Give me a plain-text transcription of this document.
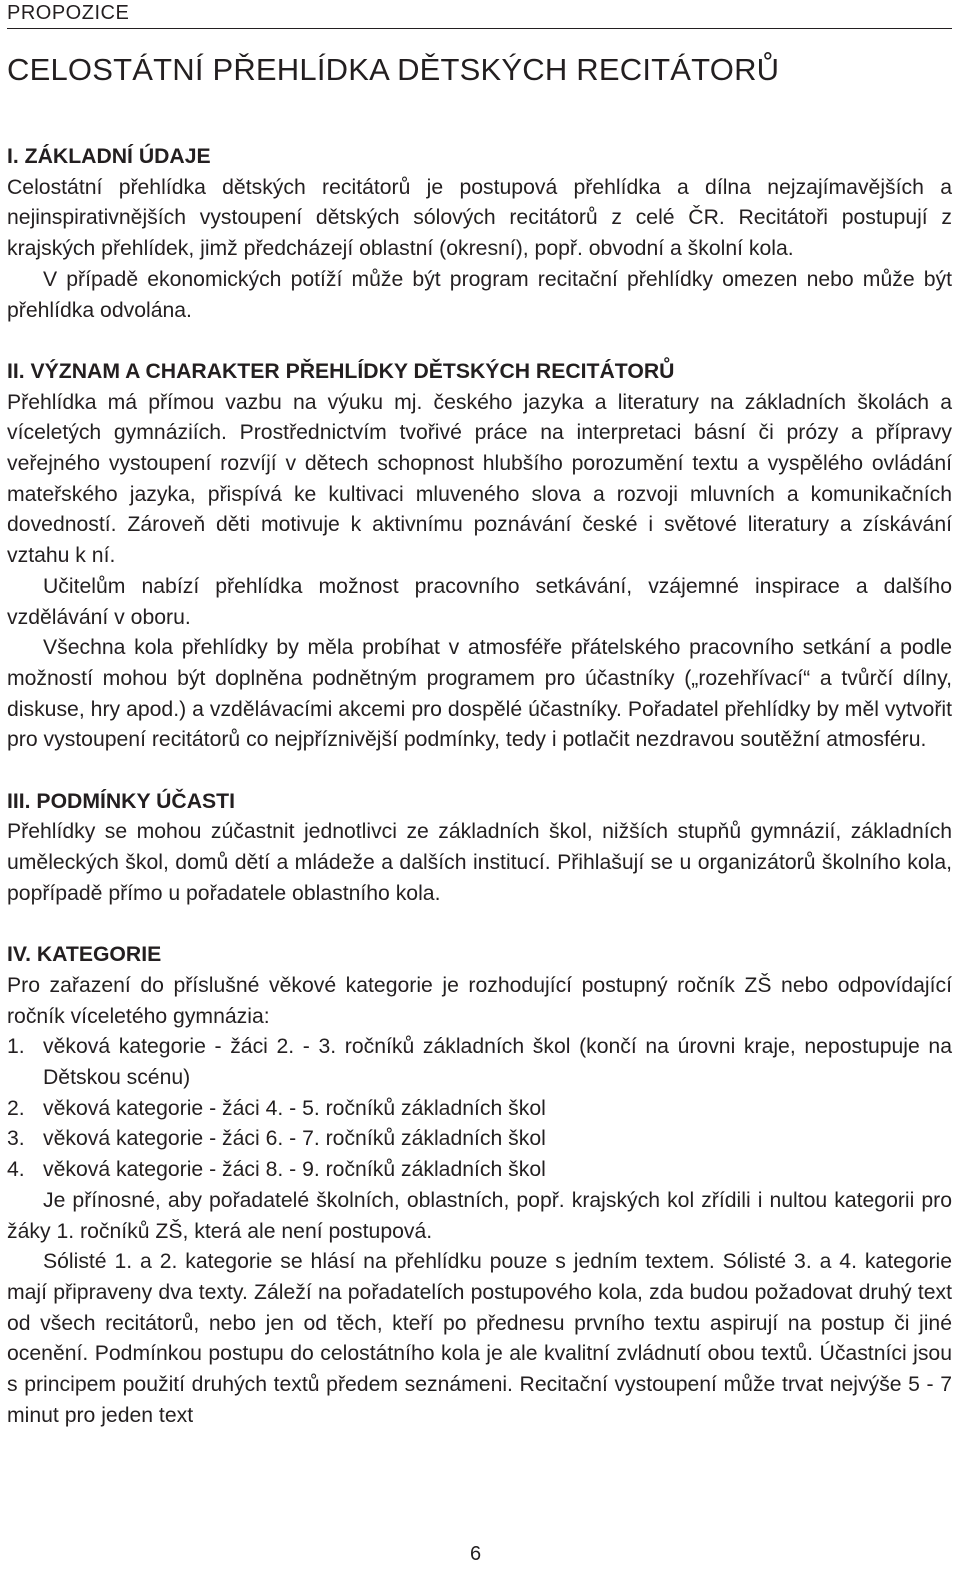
PROPOZICE
CELOSTÁTNÍ PŘEHLÍDKA DĚTSKÝCH RECITÁTORŮ
I. ZÁKLADNÍ ÚDAJE

Celostátní přehlídka dětských recitátorů je postupová přehlídka a dílna nejzajímavějších a nejinspirativnějších vystoupení dětských sólových recitátorů z celé ČR. Recitátoři postupují z krajských přehlídek, jimž předcházejí oblastní (okresní), popř. obvodní a školní kola.

V případě ekonomických potíží může být program recitační přehlídky omezen nebo může být přehlídka odvolána.

II. VÝZNAM A CHARAKTER PŘEHLÍDKY DĚTSKÝCH RECITÁTORŮ

Přehlídka má přímou vazbu na výuku mj. českého jazyka a literatury na základních školách a víceletých gymnáziích. Prostřednictvím tvořivé práce na interpretaci básní či prózy a přípravy veřejného vystoupení rozvíjí v dětech schopnost hlubšího porozumění textu a vyspělého ovládání mateřského jazyka, přispívá ke kultivaci mluveného slova a rozvoji mluvních a komunikačních dovedností. Zároveň děti motivuje k aktivnímu poznávání české i světové literatury a získávání vztahu k ní.

Učitelům nabízí přehlídka možnost pracovního setkávání, vzájemné inspirace a dalšího vzdělávání v oboru.

Všechna kola přehlídky by měla probíhat v atmosféře přátelského pracovního setkání a podle možností mohou být doplněna podnětným programem pro účastníky („rozehřívací“ a tvůrčí dílny, diskuse, hry apod.) a vzdělávacími akcemi pro dospělé účastníky. Pořadatel přehlídky by měl vytvořit pro vystoupení recitátorů co nejpříznivější podmínky, tedy i potlačit nezdravou soutěžní atmosféru.

III. PODMÍNKY ÚČASTI

Přehlídky se mohou zúčastnit jednotlivci ze základních škol, nižších stupňů gymnázií, základních uměleckých škol, domů dětí a mládeže a dalších institucí. Přihlašují se u organizátorů školního kola, popřípadě přímo u pořadatele oblastního kola.

IV. KATEGORIE

Pro zařazení do příslušné věkové kategorie je rozhodující postupný ročník ZŠ nebo odpovídající ročník víceletého gymnázia:

1. věková kategorie - žáci 2. - 3. ročníků základních škol (končí na úrovni kraje, nepostupuje na Dětskou scénu)
2. věková kategorie - žáci 4. - 5. ročníků základních škol
3. věková kategorie - žáci 6. - 7. ročníků základních škol
4. věková kategorie - žáci 8. - 9. ročníků základních škol

Je přínosné, aby pořadatelé školních, oblastních, popř. krajských kol zřídili i nultou kategorii pro žáky 1. ročníků ZŠ, která ale není postupová.

Sólisté 1. a 2. kategorie se hlásí na přehlídku pouze s jedním textem. Sólisté 3. a 4. kategorie mají připraveny dva texty. Záleží na pořadatelích postupového kola, zda budou požadovat druhý text od všech recitátorů, nebo jen od těch, kteří po přednesu prvního textu aspirují na postup či jiné ocenění. Podmínkou postupu do celostátního kola je ale kvalitní zvládnutí obou textů. Účastníci jsou s principem použití druhých textů předem seznámeni. Recitační vystoupení může trvat nejvýše 5 - 7 minut pro jeden text

6
